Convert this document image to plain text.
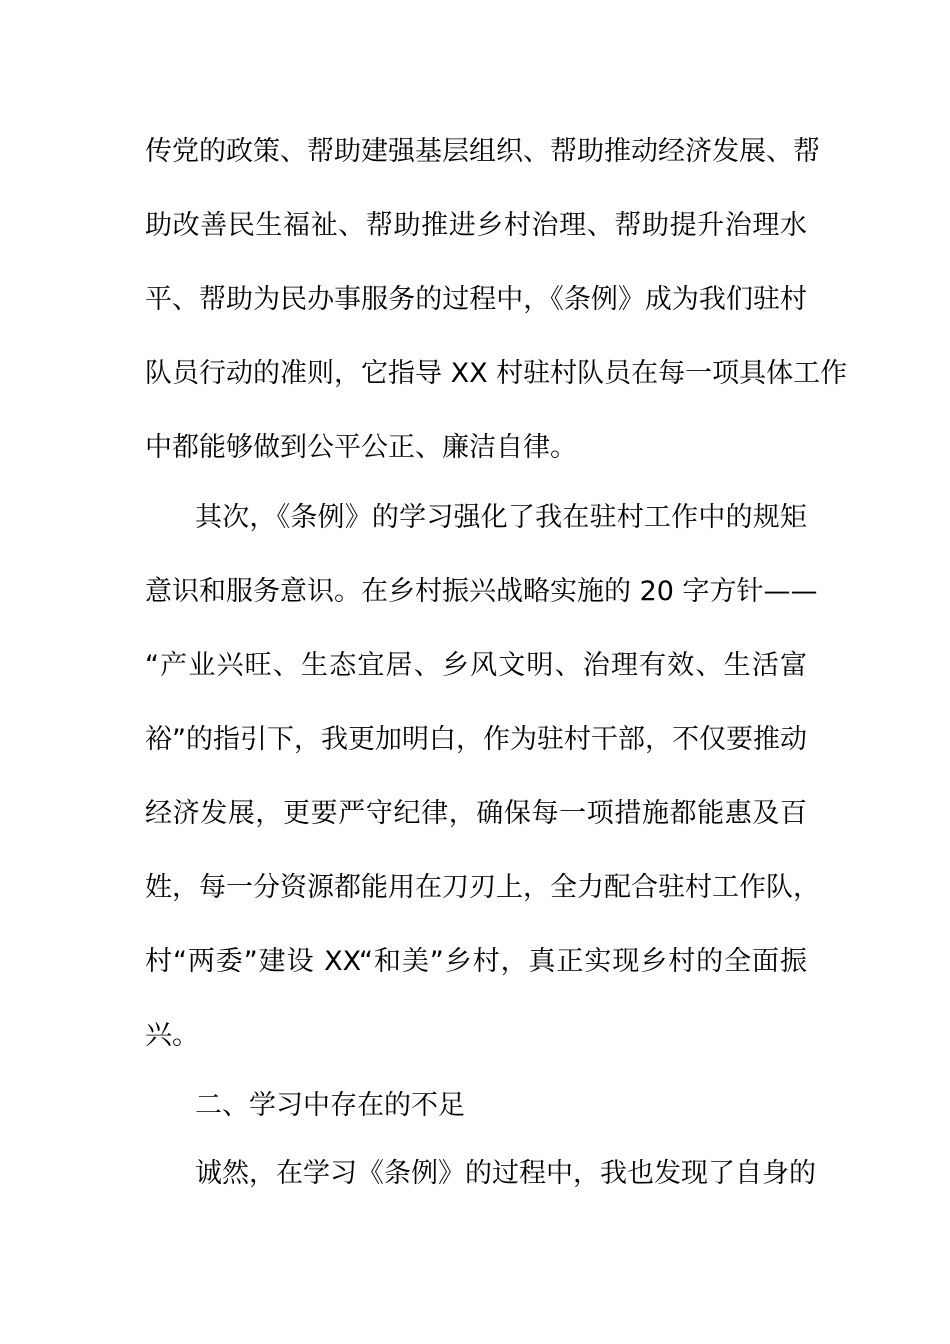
传党的政策、帮助建强基层组织、帮助推动经济发展、帮
助改善民生福祉、帮助推进乡村治理、帮助提升治理水
平、帮助为民办事服务的过程中，《条例》成为我们驻村
队员行动的准则，它指导 XX 村驻村队员在每一项具体工作
中都能够做到公平公正、廉洁自律。
其次，《条例》的学习强化了我在驻村工作中的规矩
意识和服务意识。在乡村振兴战略实施的 20 字方针——
“产业兴旺、生态宜居、乡风文明、治理有效、生活富
裕”的指引下，我更加明白，作为驻村干部，不仅要推动
经济发展，更要严守纪律，确保每一项措施都能惠及百
姓，每一分资源都能用在刀刃上，全力配合驻村工作队，
村“两委”建设 XX“和美”乡村，真正实现乡村的全面振
兴。
二、学习中存在的不足
诚然，在学习《条例》的过程中，我也发现了自身的
